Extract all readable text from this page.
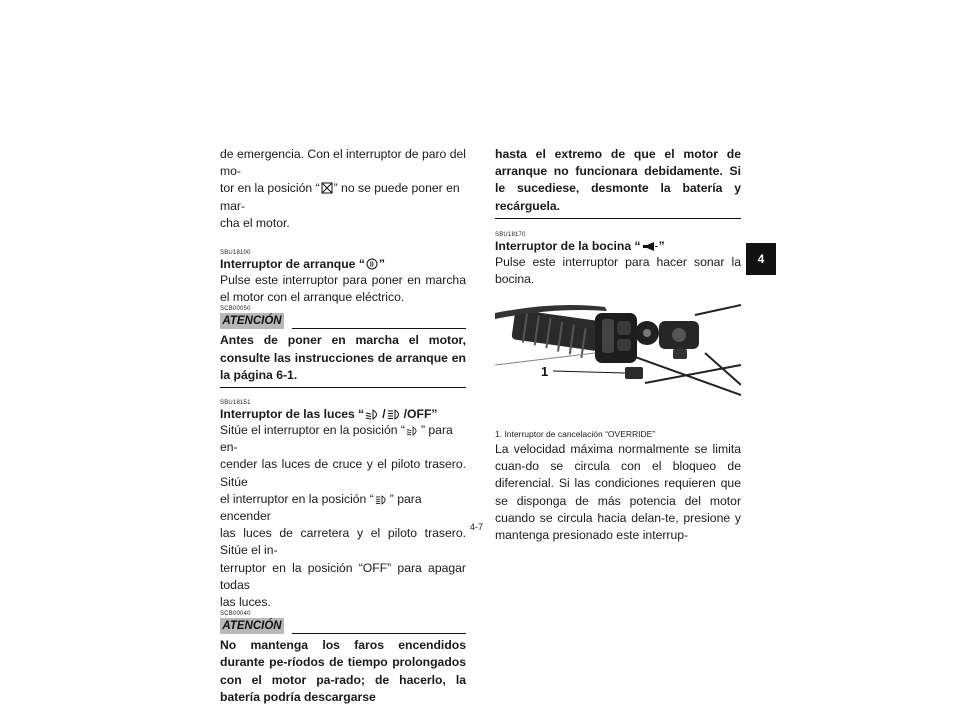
de emergencia. Con el interruptor de paro del mo-

tor en la posición “ ” no se puede poner en mar-

cha el motor.

SBU18100

Interruptor de arranque “ ”

Pulse este interruptor para poner en marcha el motor con el arranque eléctrico.

SCB00050

ATENCIÓN

Antes de poner en marcha el motor, consulte las instrucciones de arranque en la página 6-1.

SBU18151

Interruptor de las luces “ / /OFF”

Sitúe el interruptor en la posición “ ” para en-

cender las luces de cruce y el piloto trasero. Sitúe

el interruptor en la posición “ ” para encender

las luces de carretera y el piloto trasero. Sitúe el in-

terruptor en la posición “OFF” para apagar todas

las luces.

SCB00040

ATENCIÓN

No mantenga los faros encendidos durante pe-ríodos de tiempo prolongados con el motor pa-rado; de hacerlo, la batería podría descargarse

hasta el extremo de que el motor de arranque no funcionara debidamente. Si le sucediese, desmonte la batería y recárguela.

SBU18170

Interruptor de la bocina “ ”

Pulse este interruptor para hacer sonar la bocina.

1
1. Interruptor de cancelación “OVERRIDE”

La velocidad máxima normalmente se limita cuan-do se circula con el bloqueo de diferencial. Si las condiciones requieren que se disponga de más potencia del motor cuando se circula hacia delan-te, presione y mantenga presionado este interrup-

4
4-7
